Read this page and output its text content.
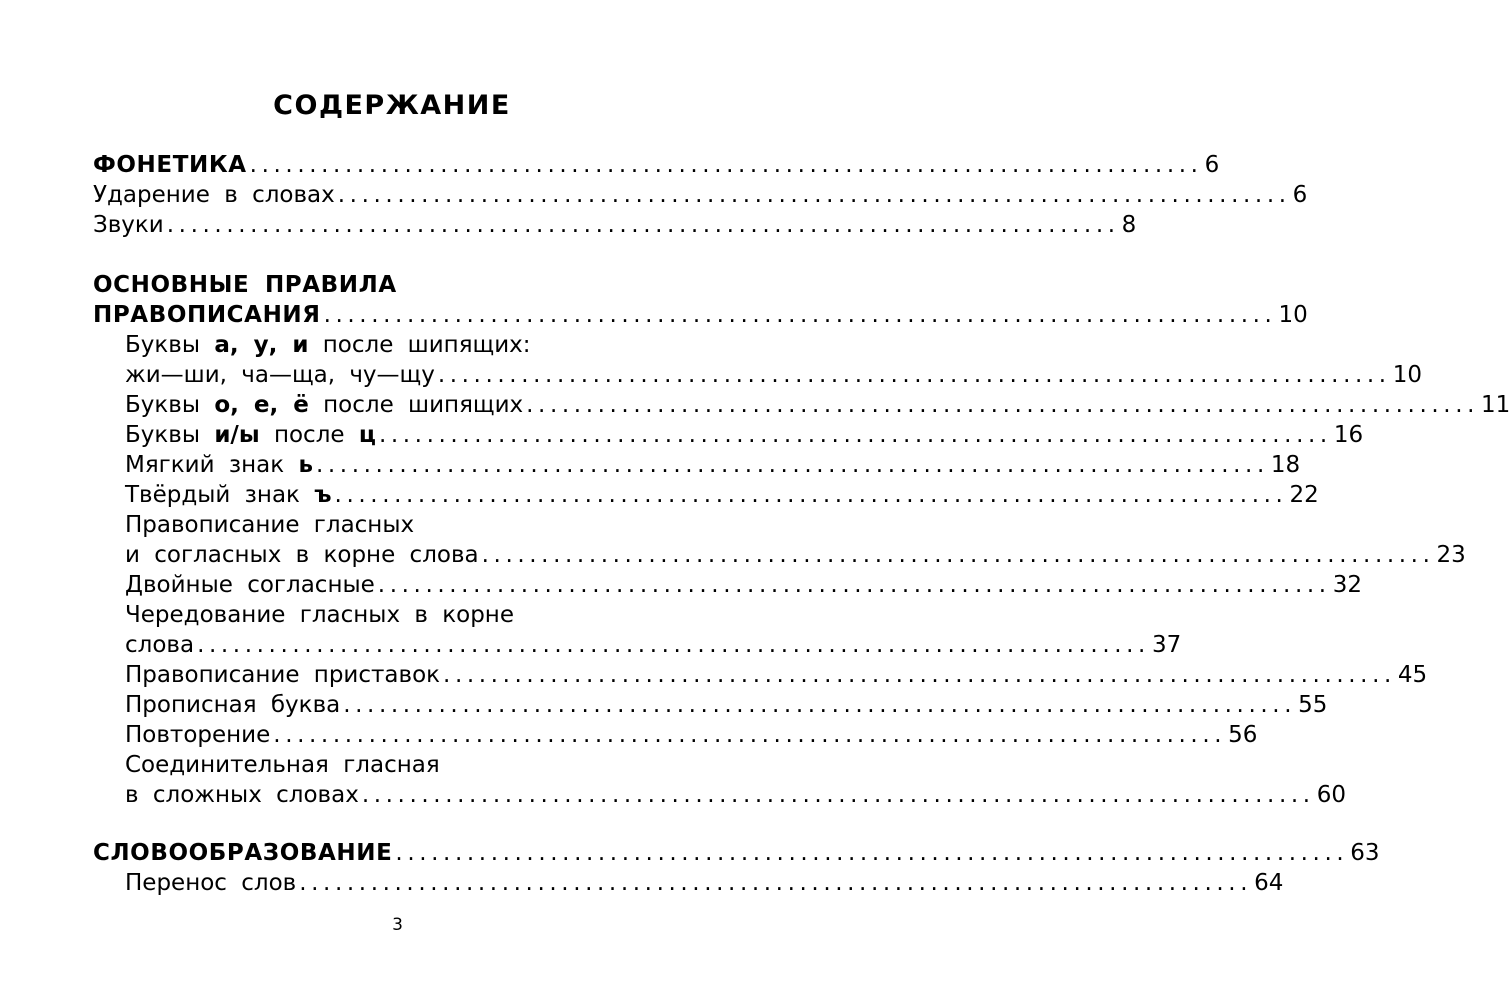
СОДЕРЖАНИЕ
ФОНЕТИКА ................................................................................ 6
Ударение в словах ................................................................................ 6
Звуки ................................................................................ 8
ОСНОВНЫЕ ПРАВИЛА
ПРАВОПИСАНИЯ ................................................................................ 10
Буквы а, у, и после шипящих:
жи—ши, ча—ща, чу—щу ................................................................................ 10
Буквы о, е, ё после шипящих ................................................................................ 11
Буквы и/ы после ц ................................................................................ 16
Мягкий знак ь ................................................................................ 18
Твёрдый знак ъ ................................................................................ 22
Правописание гласных
и согласных в корне слова ................................................................................ 23
Двойные согласные ................................................................................ 32
Чередование гласных в корне
слова ................................................................................ 37
Правописание приставок ................................................................................ 45
Прописная буква ................................................................................ 55
Повторение ................................................................................ 56
Соединительная гласная
в сложных словах ................................................................................ 60
СЛОВООБРАЗОВАНИЕ ................................................................................ 63
Перенос слов ................................................................................ 64
3
